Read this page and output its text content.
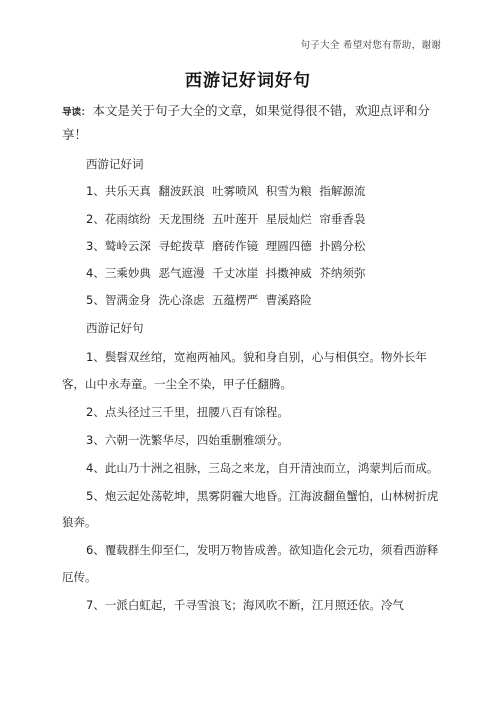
句子大全 希望对您有帮助，谢谢
西游记好词好句
导读： 本文是关于句子大全的文章，如果觉得很不错，欢迎点评和分享！
西游记好词
1、共乐天真 翻波跃浪 吐雾喷风 积雪为粮 指解源流
2、花雨缤纷 天龙围绕 五叶莲开 星辰灿烂 帘垂香袅
3、鹫岭云深 寻蛇拨草 磨砖作镜 理圆四德 扑鸥分松
4、三乘妙典 恶气遮漫 千丈冰崖 抖擞神威 芥纳须弥
5、智满金身 洗心涤虑 五蕴楞严 曹溪路险
西游记好句
1、鬓髫双丝绾，宽袍两袖风。貌和身自别，心与相俱空。物外长年客，山中永寿童。一尘全不染，甲子任翻腾。
2、点头径过三千里，扭腰八百有馀程。
3、六朝一洗繁华尽，四始重删雅颂分。
4、此山乃十洲之祖脉，三岛之来龙，自开清浊而立，鸿蒙判后而成。
5、炮云起处荡乾坤，黑雾阴霾大地昏。江海波翻鱼蟹怕，山林树折虎狼奔。
6、覆载群生仰至仁，发明万物皆成善。欲知造化会元功，须看西游释厄传。
7、一派白虹起，千寻雪浪飞；海风吹不断，江月照还依。冷气
